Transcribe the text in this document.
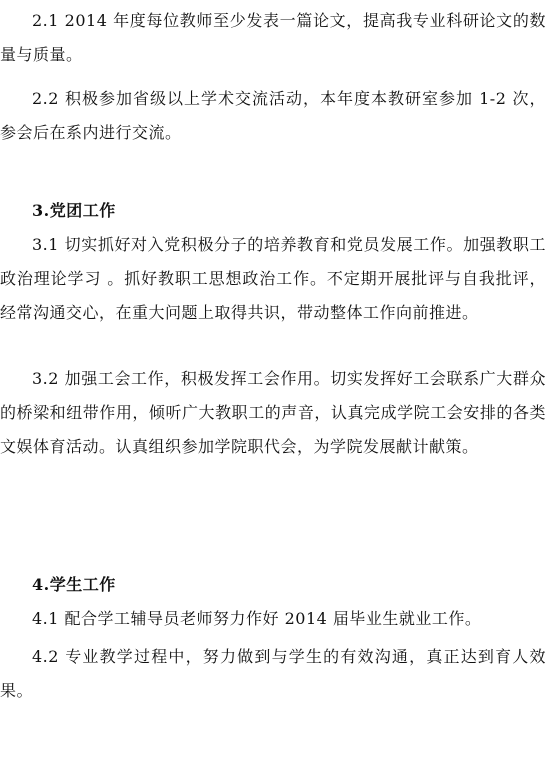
2.1 2014 年度每位教师至少发表一篇论文，提高我专业科研论文的数量与质量。

2.2 积极参加省级以上学术交流活动，本年度本教研室参加 1-2 次，参会后在系内进行交流。

3.党团工作

3.1 切实抓好对入党积极分子的培养教育和党员发展工作。加强教职工政治理论学习 。抓好教职工思想政治工作。不定期开展批评与自我批评，经常沟通交心，在重大问题上取得共识，带动整体工作向前推进。

3.2 加强工会工作，积极发挥工会作用。切实发挥好工会联系广大群众的桥梁和纽带作用，倾听广大教职工的声音，认真完成学院工会安排的各类文娱体育活动。认真组织参加学院职代会，为学院发展献计献策。

4.学生工作

4.1 配合学工辅导员老师努力作好 2014 届毕业生就业工作。

4.2 专业教学过程中，努力做到与学生的有效沟通，真正达到育人效果。
